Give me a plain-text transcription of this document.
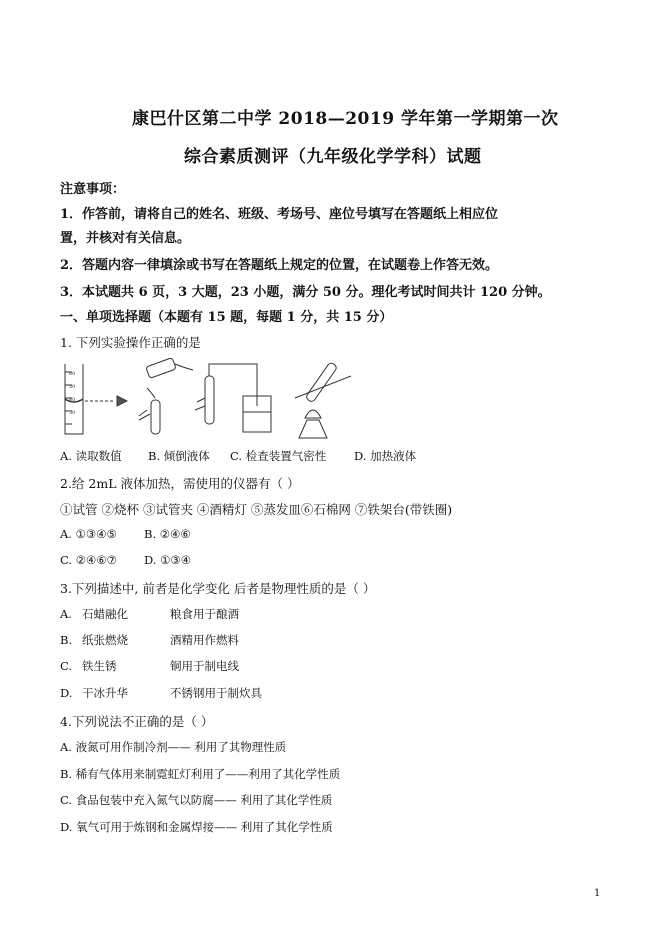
康巴什区第二中学 2018—2019 学年第一学期第一次
综合素质测评（九年级化学学科）试题
注意事项：
1．作答前，请将自己的姓名、班级、考场号、座位号填写在答题纸上相应位
置，并核对有关信息。
2．答题内容一律填涂或书写在答题纸上规定的位置，在试题卷上作答无效。
3．本试题共 6 页，3 大题，23 小题，满分 50 分。理化考试时间共计 120 分钟。
一、单项选择题（本题有 15 题，每题 1 分，共 15 分）
1. 下列实验操作正确的是
60
50
40
30
A. 读取数值 B. 倾倒液体 C. 检查装置气密性 D. 加热液体
2.给 2mL 液体加热，需使用的仪器有（ ）
①试管 ②烧杯 ③试管夹 ④酒精灯 ⑤蒸发皿⑥石棉网 ⑦铁架台(带铁圈)
A. ①③④⑤ B. ②④⑥
C. ②④⑥⑦ D. ①③④
3.下列描述中, 前者是化学变化 后者是物理性质的是（ ）
A. 石蜡融化	粮食用于酿酒
B. 纸张燃烧	酒精用作燃料
C. 铁生锈	铜用于制电线
D. 干冰升华	不锈钢用于制炊具
4.下列说法不正确的是（ ）
A. 液氮可用作制冷剂—— 利用了其物理性质
B. 稀有气体用来制霓虹灯利用了——利用了其化学性质
C. 食品包装中充入氮气以防腐—— 利用了其化学性质
D. 氧气可用于炼钢和金属焊接—— 利用了其化学性质
1
